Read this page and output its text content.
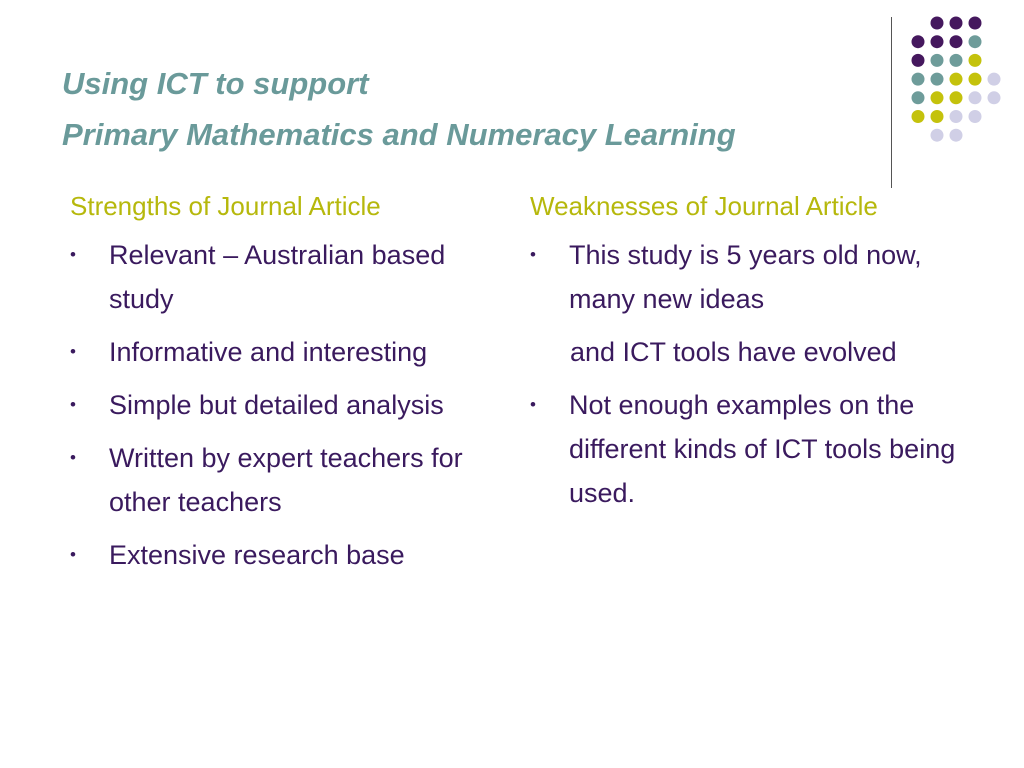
Using ICT to support
Primary Mathematics and Numeracy Learning
Strengths of Journal Article
• Relevant – Australian based study
• Informative and interesting
• Simple but detailed analysis
• Written by expert teachers for other teachers
• Extensive research base
Weaknesses of Journal Article
• This study is 5 years old now, many new ideas
and ICT tools have evolved
• Not enough examples on the different kinds of ICT tools being used.
